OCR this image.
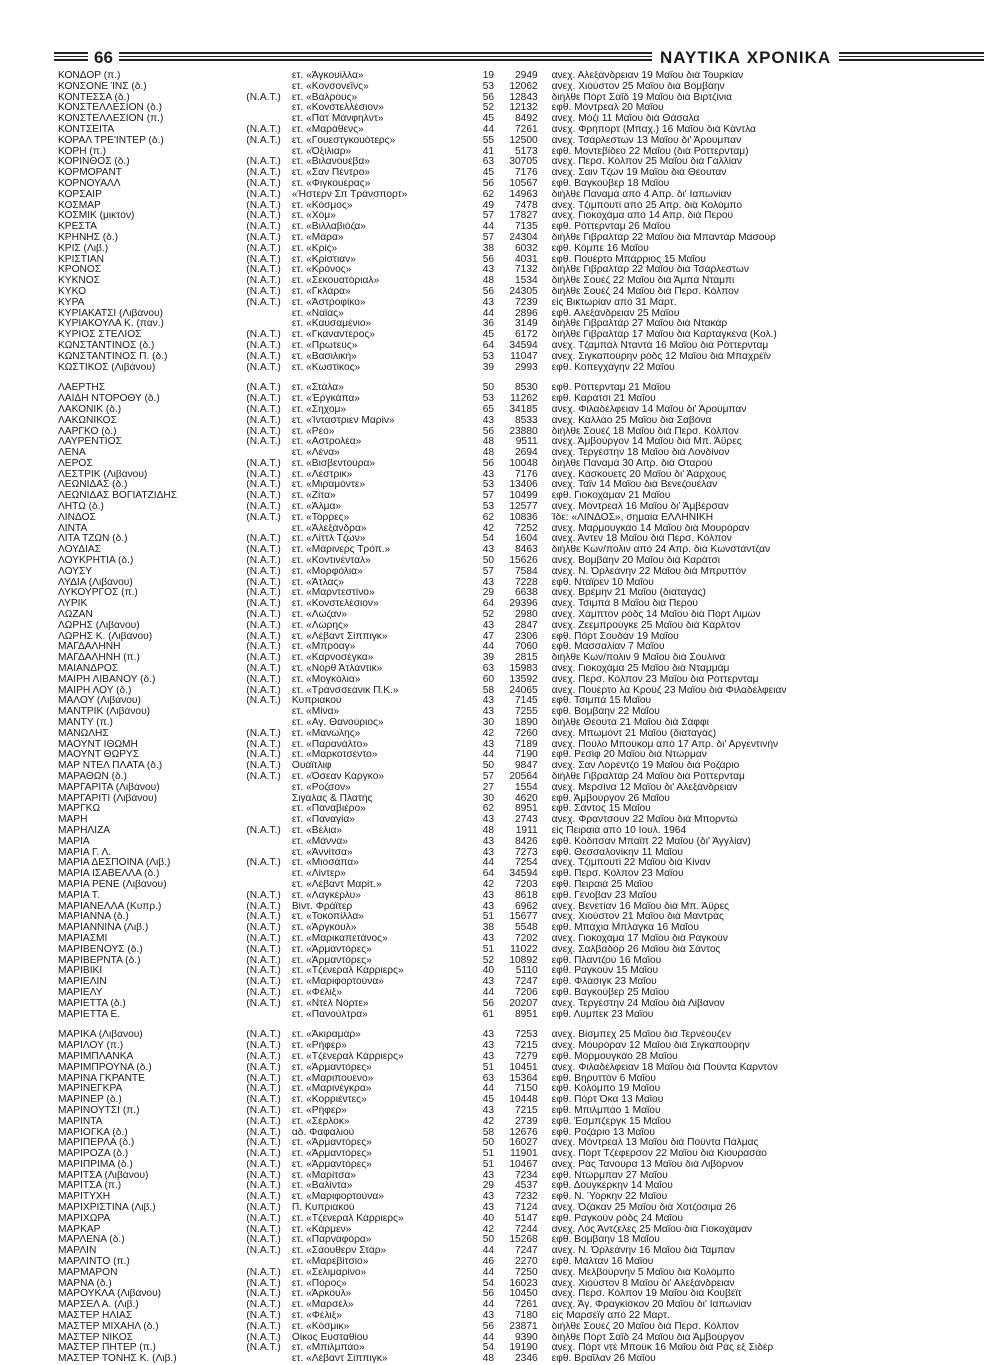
66	ΝΑΥΤΙΚΑ ΧΡΟΝΙΚΑ
ΚΟΝΔΟΡ (π.)	ετ. «Άγκουίλλα»	19	2949	ανεχ. Αλεξάνδρειαν 19 Μαΐου διά Τουρκίαν
ΚΟΝΣΟΝΕ ΊΝΣ (δ.)	ετ. «Κονσονεΐνς»	53	12062	ανεχ. Χιούστον 25 Μαΐου διά Βομβάην
ΚΟΝΤΕΣΣΑ (δ.)	(Ν.Α.Τ.)	ετ. «Βάλρους»	56	12843	διήλθε Πόρτ Σαΐδ 19 Μαΐου διά Βιρτζίνια
ΚΟΝΣΤΕΛΛΕΣΙΟΝ (δ.)	ετ. «Κονστελλέσιον»	52	12132	εφθ. Μόντρεαλ 20 Μαΐου
ΚΟΝΣΤΕΛΛΕΣΙΟΝ (π.)	ετ. «Πάτ Μάνφηλντ»	45	8492	ανεχ. Μόζι 11 Μαΐου διά Θάσαλα
ΚΟΝΤΣΕΙΤΑ	(Ν.Α.Τ.)	ετ. «Μαράθενς»	44	7261	ανεχ. Φρήπορτ (Μπαχ.) 16 Μαΐου διά Κάντλα
ΚΟΡΑΛ ΤΡΕ'ΪΝΤΕΡ (δ.)	(Ν.Α.Τ.)	ετ. «Γουεστγκουότερς»	55	12500	ανεχ. Τσάρλεστων 13 Μαΐου δι' Άρουμπαν
ΚΟΡΗ (π.)	ετ. «Όξιλιαρ»	41	5173	εφθ. Μοντεβίδεο 22 Μαΐου (διά Ρόττερνταμ)
ΚΟΡΙΝΘΟΣ (δ.)	(Ν.Α.Τ.)	ετ. «Βιλανουέβα»	63	30705	ανεχ. Περσ. Κόλπον 25 Μαΐου διά Γαλλίαν
ΚΟΡΜΟΡΑΝΤ	(Ν.Α.Τ.)	ετ. «Σαν Πέντρο»	45	7176	ανεχ. Σαιν Τζών 19 Μαΐου διά Θέουταν
ΚΟΡΝΟΥΑΛΛ	(Ν.Α.Τ.)	ετ. «Φιγκουέρας»	56	10567	εφθ. Βαγκούβερ 18 Μαΐου
ΚΟΡΣΑΪΡ	(Ν.Α.Τ.)	«Ήστερν Σπ Τράνσπορτ»	62	14963	διήλθε Παναμά από 4 Απρ. δι' Ιαπωνίαν
ΚΟΣΜΑΡ	(Ν.Α.Τ.)	ετ. «Κόσμος»	49	7478	ανεχ. Τζιμπουτί από 25 Απρ. διά Κολόμπο
ΚΟΣΜΙΚ (μικτόν)	(Ν.Α.Τ.)	ετ. «Χόμ»	57	17827	ανεχ. Γιοκοχάμα από 14 Απρ. διά Περού
ΚΡΕΣΤΑ	(Ν.Α.Τ.)	ετ. «Βιλλαβιόζα»	44	7135	εφθ. Ρόττερνταμ 26 Μαΐου
ΚΡΗΝΗΣ (δ.)	(Ν.Α.Τ.)	ετ. «Μάρα»	57	24304	διήλθε Γιβραλτάρ 22 Μαΐου διά Μπαντάρ Μασούρ
ΚΡΙΣ (Λιβ.)	(Ν.Α.Τ.)	ετ. «Κρίς»	38	6032	εφθ. Κόμπε 16 Μαΐου
ΚΡΙΣΤΙΑΝ	(Ν.Α.Τ.)	ετ. «Κρίστιαν»	56	4031	εφθ. Πουέρτο Μπάρριος 15 Μαΐου
ΚΡΟΝΟΣ	(Ν.Α.Τ.)	ετ. «Κρόνος»	43	7132	διήλθε Γιβραλτάρ 22 Μαΐου διά Τσάρλεστων
ΚΥΚΝΟΣ	(Ν.Α.Τ.)	ετ. «Σεκουατόριαλ»	48	1534	διήλθε Σουέζ 22 Μαΐου διά Άμπά Ντάμπι
ΚΥΚΟ	(Ν.Α.Τ.)	ετ. «Γκλάρα»	56	24305	διήλθε Σουέζ 24 Μαΐου διά Περσ. Κόλπον
ΚΥΡΑ	(Ν.Α.Τ.)	ετ. «Άστροφίκο»	43	7239	είς Βικτωρίαν από 31 Μαρτ.
ΚΥΡΙΑΚΑΤΣΙ (Λιβάνου)	ετ. «Ναϊάς»	44	2896	εφθ. Αλεξάνδρειαν 25 Μαΐου
ΚΥΡΙΑΚΟΥΛΑ Κ. (παν.)	ετ. «Καυσαμένιο»	36	3149	διήλθε Γιβραλτάρ 27 Μαΐου διά Ντακάρ
ΚΥΡΙΟΣ ΣΤΕΛΙΟΣ	(Ν.Α.Τ.)	ετ. «Γκαναντέρος»	45	6172	διήλθε Γιβραλτάρ 17 Μαΐου διά Καρταγκένα (Κολ.)
ΚΩΝΣΤΑΝΤΙΝΟΣ (δ.)	(Ν.Α.Τ.)	ετ. «Πρωτεύς»	64	34594	ανεχ. Τζαμπάλ Νταντά 16 Μαΐου διά Ρόττερνταμ
ΚΩΝΣΤΑΝΤΙΝΟΣ Π. (δ.)	(Ν.Α.Τ.)	ετ. «Βασιλική»	53	11047	ανεχ. Σιγκαπούρην ρόδς 12 Μαΐου διά Μπαχρέϊν
ΚΩΣΤΙΚΟΣ (Λιβάνου)	(Ν.Α.Τ.)	ετ. «Κωστίκος»	39	2993	εφθ. Κοπεγχάγην 22 Μαΐου
ΛΑΕΡΤΗΣ	(Ν.Α.Τ.)	ετ. «Στάλα»	50	8530	εφθ. Ρόττερνταμ 21 Μαΐου
ΛΑΙΔΗ ΝΤΟΡΟΘΥ (δ.)	(Ν.Α.Τ.)	ετ. «Έργκάπα»	53	11262	εφθ. Καράτσι 21 Μαΐου
ΛΑΚΟΝΙΚ (δ.)	(Ν.Α.Τ.)	ετ. «Σηχομ»	65	34185	ανεχ. Φιλαδέλφειαν 14 Μαΐου δι' Άρούμπαν
ΛΑΚΩΝΙΚΟΣ	(Ν.Α.Τ.)	ετ. «Ίνταστριεν Μαρίν»	43	8533	ανεχ. Καλλάο 25 Μαΐου διά Σαβόνα
ΛΑΡΓΚΟ (δ.)	(Ν.Α.Τ.)	ετ. «Ρέο»	56	23880	διήλθε Σουέζ 18 Μαΐου διά Περσ. Κόλπον
ΛΑΥΡΕΝΤΙΟΣ	(Ν.Α.Τ.)	ετ. «Αστρολέα»	48	9511	ανεχ. Άμβούργον 14 Μαΐου διά Μπ. Άϋρες
ΛΕΝΑ	ετ. «Λένα»	48	2694	ανεχ. Τεργέστην 18 Μαΐου διά Λονδίνον
ΛΕΡΟΣ	(Ν.Α.Τ.)	ετ. «Βισβεντούρα»	56	10048	διήλθε Παναμά 30 Απρ. διά Οταρού
ΛΕΣΤΡΙΚ (Λιβάνου)	(Ν.Α.Τ.)	ετ. «Λέστρικ»	43	7176	ανεχ. Κάσκουετς 20 Μαΐου δι' Άάρχους
ΛΕΩΝΙΔΑΣ (δ.)	(Ν.Α.Τ.)	ετ. «Μιραμόντε»	53	13406	ανεχ. Ταϊν 14 Μαΐου διά Βενεζουέλαν
ΛΕΩΝΙΔΑΣ ΒΟΓΙΑΤΖΙΔΗΣ	(Ν.Α.Τ.)	ετ. «Ζίτα»	57	10499	εφθ. Γιοκοχάμαν 21 Μαΐου
ΛΗΤΩ (δ.)	(Ν.Α.Τ.)	ετ. «Άλμα»	53	12577	ανεχ. Μόντρεαλ 16 Μαΐου δι' Άμβέρσαν
ΛΙΝΔΟΣ	(Ν.Α.Τ.)	ετ. «Τόρρες»	62	10836	Ίδε: «ΛΙΝΔΟΣ», σημαία ΕΛΛΗΝΙΚΗ
ΛΙΝΤΑ	ετ. «Άλεξάνδρα»	42	7252	ανεχ. Μαρμουγκάο 14 Μαΐου διά Μουρόραν
ΛΙΤΑ ΤΖΩΝ (δ.)	(Ν.Α.Τ.)	ετ. «Λίττλ Τζών»	54	1604	ανεχ. Άντεν 18 Μαΐου διά Περσ. Κόλπον
ΛΟΥΔΙΑΣ	(Ν.Α.Τ.)	ετ. «Μάρινερς Τρόπ.»	43	8463	διήλθε Κων/πολιν από 24 Απρ. διά Κωνστάντζαν
ΛΟΥΚΡΗΤΙΑ (δ.)	(Ν.Α.Τ.)	ετ. «Κοντινένταλ»	50	15626	ανεχ. Βομβάην 20 Μαΐου διά Καράτσι
ΛΟΥΣΥ	(Ν.Α.Τ.)	ετ. «Μορφόλια»	57	7584	ανεχ. Ν. Όρλεάνην 22 Μαΐου διά Μπρυττόν
ΛΥΔΙΑ (Λιβάνου)	(Ν.Α.Τ.)	ετ. «Άτλας»	43	7228	εφθ. Ντάϊρεν 10 Μαΐου
ΛΥΚΟΥΡΓΟΣ (π.)	(Ν.Α.Τ.)	ετ. «Μαρντεστίνο»	29	6638	ανεχ. Βρέμην 21 Μαΐου (διαταγάς)
ΛΥΡΙΚ	(Ν.Α.Τ.)	ετ. «Κονστελέσιον»	64	29396	ανεχ. Τσιμπά 8 Μαΐου διά Περού
ΛΩΖΑΝ	(Ν.Α.Τ.)	ετ. «Λώζαν»	52	2980	ανεχ. Χάμπτον ρόδς 14 Μαΐου διά Πόρτ Λιμών
ΛΩΡΗΣ (Λιβάνου)	(Ν.Α.Τ.)	ετ. «Λώρης»	43	2847	ανεχ. Ζεεμπρούγκε 25 Μαΐου διά Κάρλτον
ΛΩΡΗΣ Κ. (Λιβάνου)	(Ν.Α.Τ.)	ετ. «Λέβαντ Σίππιγκ»	47	2306	εφθ. Πόρτ Σουδάν 19 Μαΐου
ΜΑΓΔΑΛΗΝΗ	(Ν.Α.Τ.)	ετ. «Μπρόαγ»	44	7060	εφθ. Μασσαλίαν 7 Μαΐου
ΜΑΓΔΑΛΗΝΗ (π.)	(Ν.Α.Τ.)	ετ. «Καρνοσέγκα»	39	2815	διήλθε Κων/πολιν 9 Μαΐου διά Σουλινά
ΜΑΙΑΝΔΡΟΣ	(Ν.Α.Τ.)	ετ. «Νόρθ Άτλάντικ»	63	15983	ανεχ. Γιοκοχάμα 25 Μαΐου διά Νταμμάμ
ΜΑΙΡΗ ΛΙΒΑΝΟΥ (δ.)	(Ν.Α.Τ.)	ετ. «Μογκόλια»	60	13592	ανεχ. Περσ. Κόλπον 23 Μαΐου διά Ρόττερνταμ
ΜΑΙΡΗ ΛΟΥ (δ.)	(Ν.Α.Τ.)	ετ. «Τράνσσεάνικ Π.Κ.»	58	24065	ανεχ. Πουέρτο λά Κρούζ 23 Μαΐου διά Φιλαδέλφειαν
ΜΑΛΟΥ (Λιβάνου)	(Ν.Α.Τ.)	Κυπριακού	43	7145	εφθ. Τσιμπά 15 Μαΐου
ΜΑΝΤΡΙΚ (Λιβάνου)	ετ. «Μίνα»	43	7255	εφθ. Βομβάην 22 Μαΐου
ΜΑΝΤΥ (π.)	ετ. «Αγ. Θανούριος»	30	1890	διήλθε Θέουτα 21 Μαΐου διά Σάφφι
ΜΑΝΩΛΗΣ	(Ν.Α.Τ.)	ετ. «Μανώλης»	42	7260	ανεχ. Μπωμόντ 21 Μαΐου (διαταγάς)
ΜΑΟΥΝΤ ΙΘΩΜΗ	(Ν.Α.Τ.)	ετ. «Παρανάλτο»	43	7189	ανεχ. Πούλο Μπούκομ από 17 Απρ. δι' Αργεντινήν
ΜΑΟΥΝΤ ΘΩΡΥΣ	(Ν.Α.Τ.)	ετ. «Μαρκοτσέντο»	44	7190	εφθ. Ρεσίφ 20 Μαΐου διά Ντώρμαν
ΜΑΡ ΝΤΕΛ ΠΛΑΤΑ (δ.)	(Ν.Α.Τ.)	Ουάϊτλιφ	50	9847	ανεχ. Σαν Λορέντζο 19 Μαΐου διά Ροζάριο
ΜΑΡΑΘΩΝ (δ.)	(Ν.Α.Τ.)	ετ. «Όσεαν Κάργκο»	57	20564	διήλθε Γιβραλτάρ 24 Μαΐου διά Ρόττερνταμ
ΜΑΡΓΑΡΙΤΑ (Λιβάνου)	ετ. «Ροζσον»	27	1554	ανεχ. Μερσίνα 12 Μαΐου δι' Αλεξάνδρειαν
ΜΑΡΓΑΡΙΤΙ (Λιβάνου)	Σιγάλας & Πλατής	30	4620	εφθ. Άμβούργον 26 Μαΐου
ΜΑΡΓΚΩ	ετ. «Παναβιέρο»	62	8951	εφθ. Σάντος 15 Μαΐου
ΜΑΡΗ	ετ. «Παναγία»	43	2743	ανεχ. Φραντσουν 22 Μαΐου διά Μπορντώ
ΜΑΡΗΛΙΖΑ	(Ν.Α.Τ.)	ετ. «Βέλια»	48	1911	είς Πειραιά από 10 Ιουλ. 1964
ΜΑΡΙΑ	ετ. «Μάννα»	43	8426	εφθ. Κόδιτσαν Μπαϊπ 22 Μαΐου (δι' Άγγλίαν)
ΜΑΡΙΑ Γ. Λ.	ετ. «Άννίτσα»	43	7273	εφθ. Θεσσαλονίκην 11 Μαΐου
ΜΑΡΙΑ ΔΕΣΠΟΙΝΑ (Λιβ.)	(Ν.Α.Τ.)	ετ. «Μιοσάπα»	44	7254	ανεχ. Τζιμπουτί 22 Μαΐου διά Κίναν
ΜΑΡΙΑ ΙΣΑΒΕΛΛΑ (δ.)	ετ. «Λίντερ»	64	34594	εφθ. Περσ. Κόλπον 23 Μαΐου
ΜΑΡΙΑ ΡΕΝΕ (Λιβάνου)	ετ. «Λέβαντ Μαρίτ.»	42	7203	εφθ. Πειραιά 25 Μαΐου
ΜΑΡΙΑ Τ.	(Ν.Α.Τ.)	ετ. «Λαγκέρλυ»	43	8618	εφθ. Γένοβαν 23 Μαΐου
ΜΑΡΙΑΝΕΛΛΑ (Κυπρ.)	(Ν.Α.Τ.)	Βίντ. Φράϊτερ	43	6962	ανεχ. Βενετίαν 16 Μαΐου διά Μπ. Άϋρες
ΜΑΡΙΑΝΝΑ (δ.)	(Ν.Α.Τ.)	ετ. «Τοκοπίλλα»	51	15677	ανεχ. Χιούστον 21 Μαΐου διά Μαντράς
ΜΑΡΙΑΝΝΙΝΑ (Λιβ.)	(Ν.Α.Τ.)	ετ. «Άργκουλ»	38	5548	εφθ. Μπάχια Μπλάγκα 16 Μαΐου
ΜΑΡΙΑΣΜΙ	(Ν.Α.Τ.)	ετ. «Μαρικαπετάνος»	43	7202	ανεχ. Γιοκοχάμα 17 Μαΐου διά Ραγκούν
ΜΑΡΙΒΕΝΟΥΣ (δ.)	(Ν.Α.Τ.)	ετ. «Άρμαντόρες»	51	11022	ανεχ. Σαλβαδόρ 26 Μαΐου διά Σάντος
ΜΑΡΙΒΕΡΝΤΑ (δ.)	(Ν.Α.Τ.)	ετ. «Άρμαντόρες»	52	10892	εφθ. Πλαντζού 16 Μαΐου
ΜΑΡΙΒΙΚΙ	(Ν.Α.Τ.)	ετ. «Τζένεραλ Κάρριερς»	40	5110	εφθ. Ραγκούν 15 Μαΐου
ΜΑΡΙΕΛΙΝ	(Ν.Α.Τ.)	ετ. «Μαριφορτούνα»	43	7247	εφθ. Φλάσιγκ 23 Μαΐου
ΜΑΡΙΕΛΥ	(Ν.Α.Τ.)	ετ. «Φέλιξ»	44	7206	εφθ. Βαγκούβερ 25 Μαΐου
ΜΑΡΙΕΤΤΑ (δ.)	(Ν.Α.Τ.)	ετ. «Ντέλ Νόρτε»	56	20207	ανεχ. Τεργέστην 24 Μαΐου διά Λίβανον
ΜΑΡΙΕΤΤΑ Ε.	ετ. «Πανούλτρα»	61	8951	εφθ. Λύμπεκ 23 Μαΐου
ΜΑΡΙΚΑ (Λιβάνου)	(Ν.Α.Τ.)	ετ. «Άκιραμάρ»	43	7253	ανεχ. Βίσμπεχ 25 Μαΐου διά Τερνέουζεν
ΜΑΡΙΛΟΥ (π.)	(Ν.Α.Τ.)	ετ. «Ρήφερ»	43	7215	ανεχ. Μουρόραν 12 Μαΐου διά Σιγκαπούρην
ΜΑΡΙΜΠΛΑΝΚΑ	(Ν.Α.Τ.)	ετ. «Τζένεραλ Κάρριερς»	43	7279	εφθ. Μορμουγκάο 28 Μαΐου
ΜΑΡΙΜΠΡΟΥΝΑ (δ.)	(Ν.Α.Τ.)	ετ. «Άρμαντόρες»	51	10451	ανεχ. Φιλαδέλφειαν 18 Μαΐου διά Πούντα Καρντόν
ΜΑΡΙΝΑ ΓΚΡΑΝΤΕ	(Ν.Α.Τ.)	ετ. «Μαριπουένο»	63	15364	εφθ. Βηρυττόν 6 Μαΐου
ΜΑΡΙΝΕΓΚΡΑ	(Ν.Α.Τ.)	ετ. «Μαρινέγκρα»	44	7150	εφθ. Κολόμπο 19 Μαΐου
ΜΑΡΙΝΕΡ (δ.)	(Ν.Α.Τ.)	ετ. «Κορριέντες»	45	10448	εφθ. Πόρτ Όκα 13 Μαΐου
ΜΑΡΙΝΟΥΤΣΙ (π.)	(Ν.Α.Τ.)	ετ. «Ρήφερ»	43	7215	εφθ. Μπιλμπάο 1 Μαΐου
ΜΑΡΙΝΤΑ	(Ν.Α.Τ.)	ετ. «Σέρλοκ»	42	2739	εφθ. Έσμπζεργκ 15 Μαΐου
ΜΑΡΙΟΓΚΑ (δ.)	(Ν.Α.Τ.)	αδ. Φαφαλιού	58	12676	εφθ. Ροζάριο 13 Μαΐου
ΜΑΡΙΠΕΡΛΑ (δ.)	(Ν.Α.Τ.)	ετ. «Άρμαντόρες»	50	16027	ανεχ. Μόντρεαλ 13 Μαΐου διά Πούντα Πάλμας
ΜΑΡΙΡΟΖΑ (δ.)	(Ν.Α.Τ.)	ετ. «Άρμαντόρες»	51	11901	ανεχ. Πόρτ Τζέφερσον 22 Μαΐου διά Κιουρασάο
ΜΑΡΙΠΡΙΜΑ (δ.)	(Ν.Α.Τ.)	ετ. «Άρμαντόρες»	51	10467	ανεχ. Ράς Τανούρα 13 Μαΐου διά Λιβόρνον
ΜΑΡΙΤΣΑ (Λιβάνου)	(Ν.Α.Τ.)	ετ. «Μαρίτσα»	43	7234	εφθ. Ντώρμπαν 27 Μαΐου
ΜΑΡΙΤΣΑ (π.)	(Ν.Α.Τ.)	ετ. «Βαλίντα»	29	4537	εφθ. Δουγκέρκην 14 Μαΐου
ΜΑΡΙΤΥΧΗ	(Ν.Α.Τ.)	ετ. «Μαριφορτούνα»	43	7232	εφθ. Ν. Ύόρκην 22 Μαΐου
ΜΑΡΙΧΡΙΣΤΙΝΑ (Λιβ.)	(Ν.Α.Τ.)	Π. Κυπριακού	43	7124	ανεχ. Όζάκαν 25 Μαΐου διά Χοτζόσιμα 26
ΜΑΡΙΧΩΡΑ	(Ν.Α.Τ.)	ετ. «Τζένεραλ Κάρριερς»	40	5147	εφθ. Ραγκούν ρόδς 24 Μαΐου
ΜΑΡΚΑΡ	(Ν.Α.Τ.)	ετ. «Κάρμεν»	42	7244	ανεχ. Λός Άντζελες 25 Μαΐου διά Γιοκοχάμαν
ΜΑΡΛΕΝΑ (δ.)	(Ν.Α.Τ.)	ετ. «Παρναφόρα»	50	15268	εφθ. Βομβάην 18 Μαΐου
ΜΑΡΛΙΝ	(Ν.Α.Τ.)	ετ. «Σάουθερν Στάρ»	44	7247	ανεχ. Ν. Όρλεάνην 16 Μαΐου διά Τάμπαν
ΜΑΡΛΙΝΤΟ (π.)	ετ. «Μαρεβίτσιο»	46	2270	εφθ. Μάλταν 16 Μαΐου
ΜΑΡΜΑΡΟΝ	(Ν.Α.Τ.)	ετ. «Σελιμαρίνο»	44	7250	ανεχ. Μελβούρνην 5 Μαΐου διά Κολόμπο
ΜΑΡΝΑ (δ.)	(Ν.Α.Τ.)	ετ. «Πόρος»	54	16023	ανεχ. Χιούστον 8 Μαΐου δι' Αλεξάνδρειαν
ΜΑΡΟΥΚΛΑ (Λιβάνου)	(Ν.Α.Τ.)	ετ. «Άρκουλ»	56	10450	ανεχ. Περσ. Κόλπον 19 Μαΐου διά Κουβέϊτ
ΜΑΡΣΕΛ Α. (Λιβ.)	(Ν.Α.Τ.)	ετ. «Μαρσέλ»	44	7261	ανεχ. Άγ. Φραγκίσκον 20 Μαΐου δι' Ιαπωνίαν
ΜΑΣΤΕΡ ΗΛΙΑΣ	(Ν.Α.Τ.)	ετ. «Φέλιξ»	43	7180	είς Μαρσέϊγ από 22 Μαρτ.
ΜΑΣΤΕΡ ΜΙΧΑΗΛ (δ.)	(Ν.Α.Τ.)	ετ. «Κόσμικ»	56	23871	διήλθε Σουέζ 20 Μαΐου διά Περσ. Κόλπον
ΜΑΣΤΕΡ ΝΙΚΟΣ	(Ν.Α.Τ.)	Οίκος Ευσταθίου	44	9390	διήλθε Πόρτ Σαΐδ 24 Μαΐου διά Άμβούργον
ΜΑΣΤΕΡ ΠΗΤΕΡ (π.)	(Ν.Α.Τ.)	ετ. «Μπιλμπάο»	54	19190	ανεχ. Πόρτ ντέ Μποὺκ 16 Μαΐου διά Ράς εξ Σιδέρ
ΜΑΣΤΕΡ ΤΟΝΗΣ Κ. (Λιβ.)	ετ. «Λέβαντ Σίππιγκ»	48	2346	εφθ. Βραΐλαν 26 Μαΐου
